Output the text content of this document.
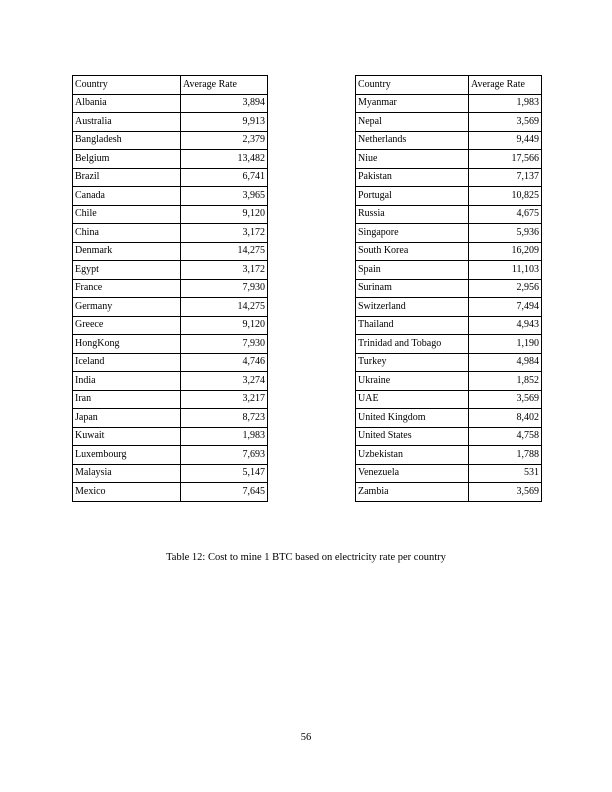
Country	Average Rate
Albania	3,894
Australia	9,913
Bangladesh	2,379
Belgium	13,482
Brazil	6,741
Canada	3,965
Chile	9,120
China	3,172
Denmark	14,275
Egypt	3,172
France	7,930
Germany	14,275
Greece	9,120
HongKong	7,930
Iceland	4,746
India	3,274
Iran	3,217
Japan	8,723
Kuwait	1,983
Luxembourg	7,693
Malaysia	5,147
Mexico	7,645
Country	Average Rate
Myanmar	1,983
Nepal	3,569
Netherlands	9,449
Niue	17,566
Pakistan	7,137
Portugal	10,825
Russia	4,675
Singapore	5,936
South Korea	16,209
Spain	11,103
Surinam	2,956
Switzerland	7,494
Thailand	4,943
Trinidad and Tobago	1,190
Turkey	4,984
Ukraine	1,852
UAE	3,569
United Kingdom	8,402
United States	4,758
Uzbekistan	1,788
Venezuela	531
Zambia	3,569
Table 12: Cost to mine 1 BTC based on electricity rate per country
56
